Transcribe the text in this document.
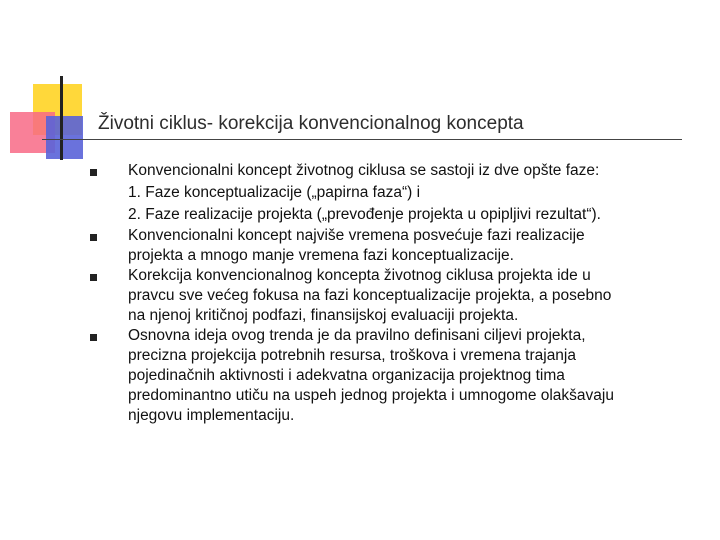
Životni ciklus- korekcija konvencionalnog koncepta
Konvencionalni koncept životnog ciklusa se sastoji iz dve opšte faze:
1. Faze konceptualizacije („papirna faza“) i
2. Faze realizacije projekta („prevođenje projekta u opipljivi rezultat“).
Konvencionalni koncept najviše vremena posvećuje fazi realizacije
projekta a mnogo manje vremena fazi konceptualizacije.
Korekcija konvencionalnog koncepta životnog ciklusa projekta ide u
pravcu sve većeg fokusa na fazi konceptualizacije projekta, a posebno
na njenoj kritičnoj podfazi, finansijskoj evaluaciji projekta.
Osnovna ideja ovog trenda je da pravilno definisani ciljevi projekta,
precizna projekcija potrebnih resursa, troškova i vremena trajanja
pojedinačnih aktivnosti i adekvatna organizacija projektnog tima
predominantno utiču na uspeh jednog projekta i umnogome olakšavaju
njegovu implementaciju.
